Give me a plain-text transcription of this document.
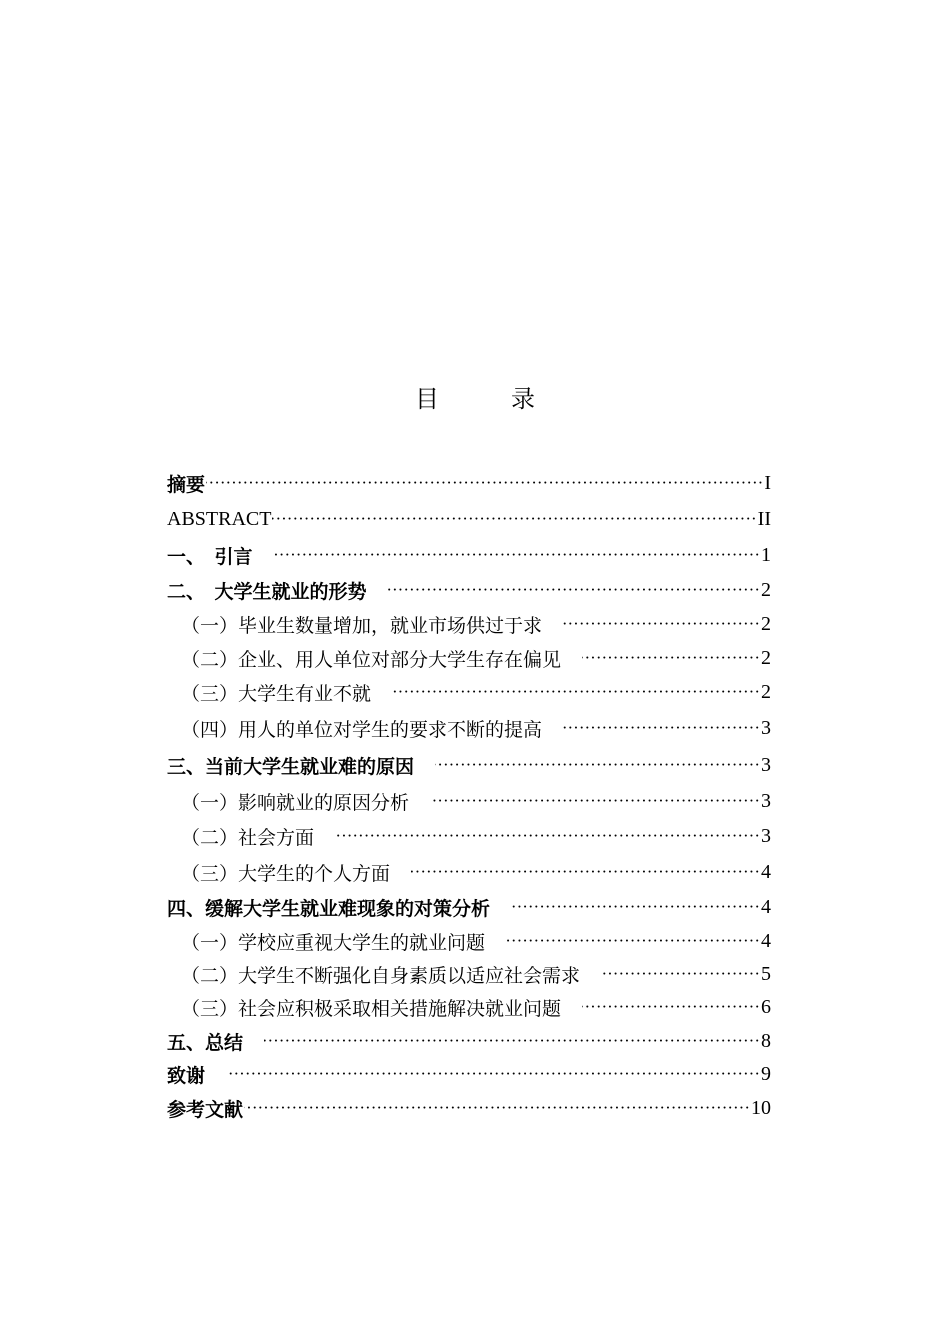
目　录
摘要 ·····	I
ABSTRACT ·····	II
一、　引言 ·····	1
二、　大学生就业的形势 ·····	2
（一）毕业生数量增加，就业市场供过于求 ·····	2
（二）企业、用人单位对部分大学生存在偏见 ·····	2
（三）大学生有业不就 ·····	2
（四）用人的单位对学生的要求不断的提高 ·····	3
三、当前大学生就业难的原因 ·····	3
（一）影响就业的原因分析 ·····	3
（二）社会方面 ·····	3
（三）大学生的个人方面 ·····	4
四、缓解大学生就业难现象的对策分析 ·····	4
（一）学校应重视大学生的就业问题 ·····	4
（二）大学生不断强化自身素质以适应社会需求 ·····	5
（三）社会应积极采取相关措施解决就业问题 ·····	6
五、总结 ·····	8
致谢 ·····	9
参考文献 ·····	10
